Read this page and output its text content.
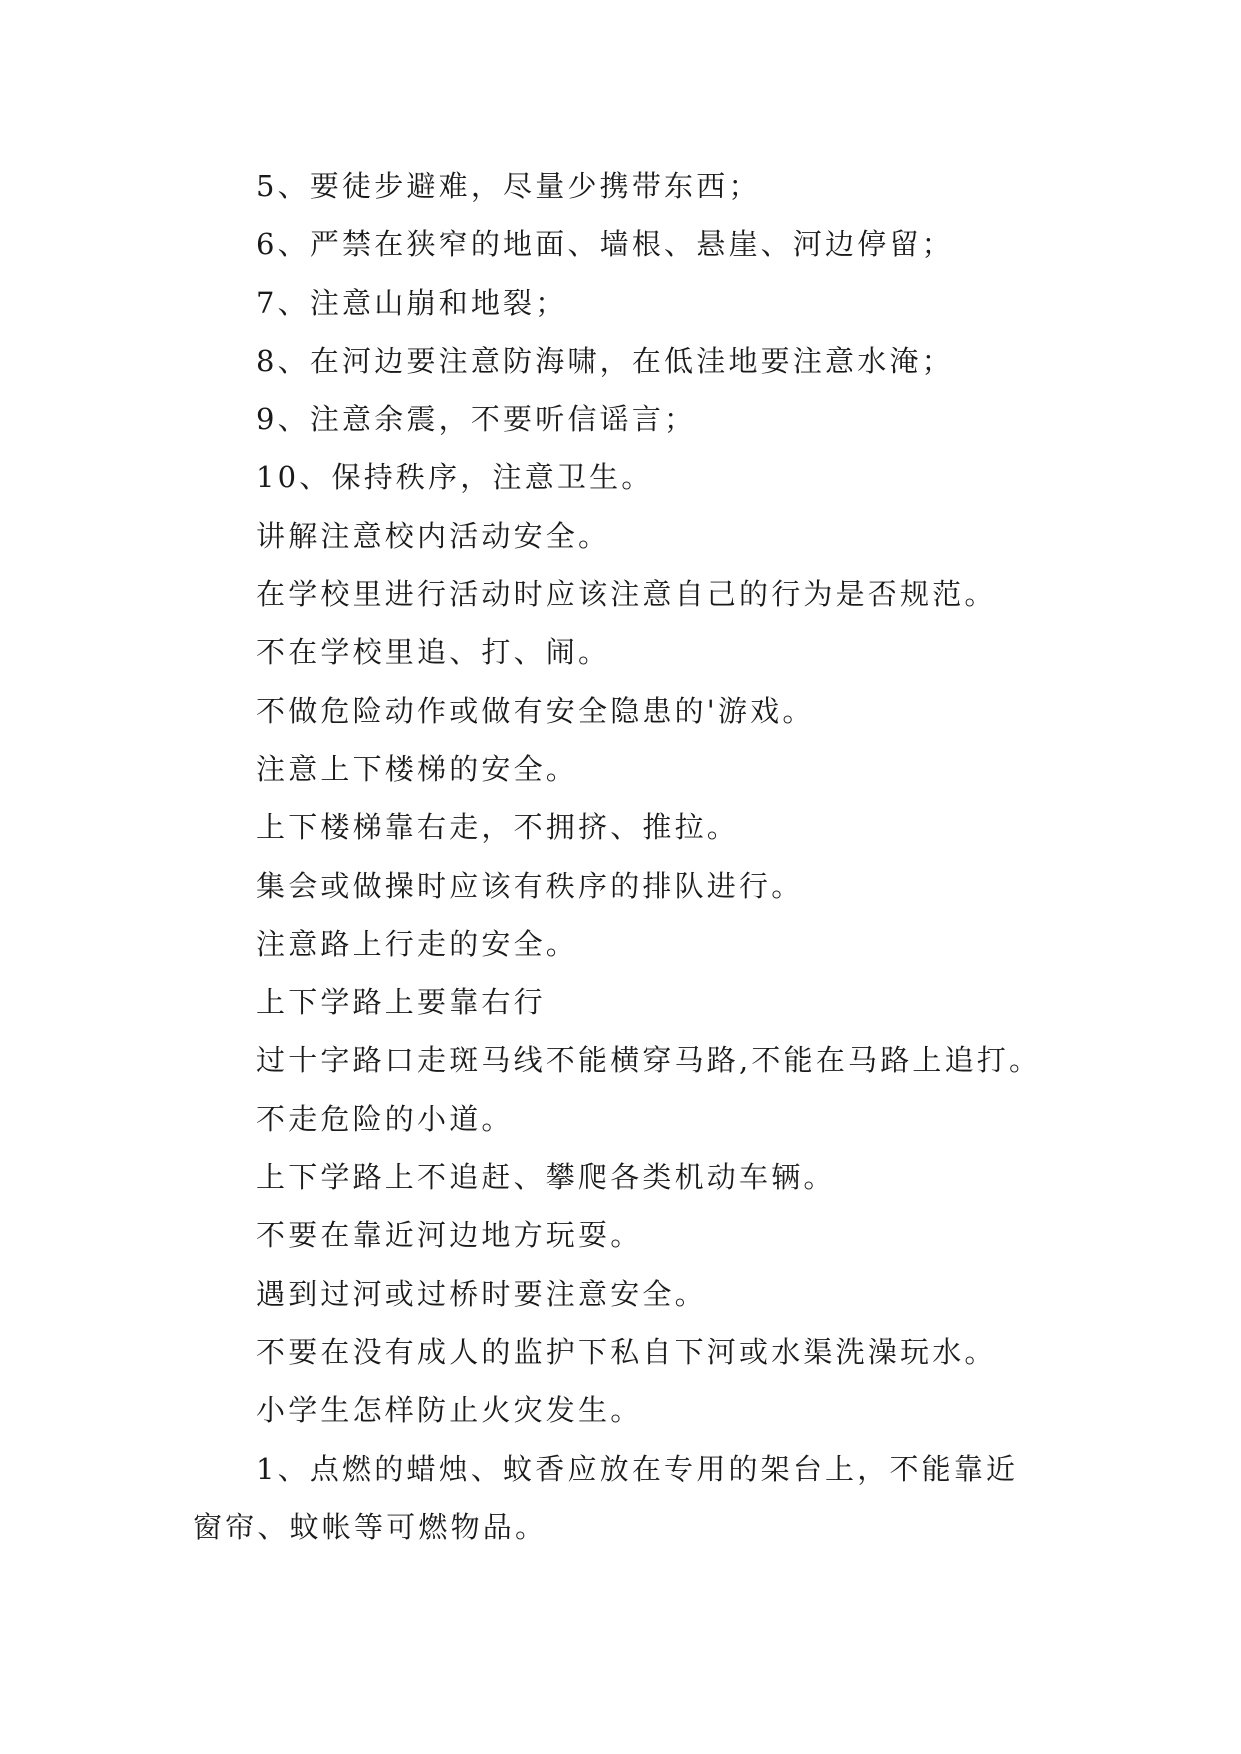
5、要徒步避难，尽量少携带东西；
6、严禁在狭窄的地面、墙根、悬崖、河边停留；
7、注意山崩和地裂；
8、在河边要注意防海啸，在低洼地要注意水淹；
9、注意余震，不要听信谣言；
10、保持秩序，注意卫生。
讲解注意校内活动安全。
在学校里进行活动时应该注意自己的行为是否规范。
不在学校里追、打、闹。
不做危险动作或做有安全隐患的'游戏。
注意上下楼梯的安全。
上下楼梯靠右走，不拥挤、推拉。
集会或做操时应该有秩序的排队进行。
注意路上行走的安全。
上下学路上要靠右行
过十字路口走斑马线不能横穿马路,不能在马路上追打。
不走危险的小道。
上下学路上不追赶、攀爬各类机动车辆。
不要在靠近河边地方玩耍。
遇到过河或过桥时要注意安全。
不要在没有成人的监护下私自下河或水渠洗澡玩水。
小学生怎样防止火灾发生。
1、点燃的蜡烛、蚊香应放在专用的架台上，不能靠近
窗帘、蚊帐等可燃物品。
